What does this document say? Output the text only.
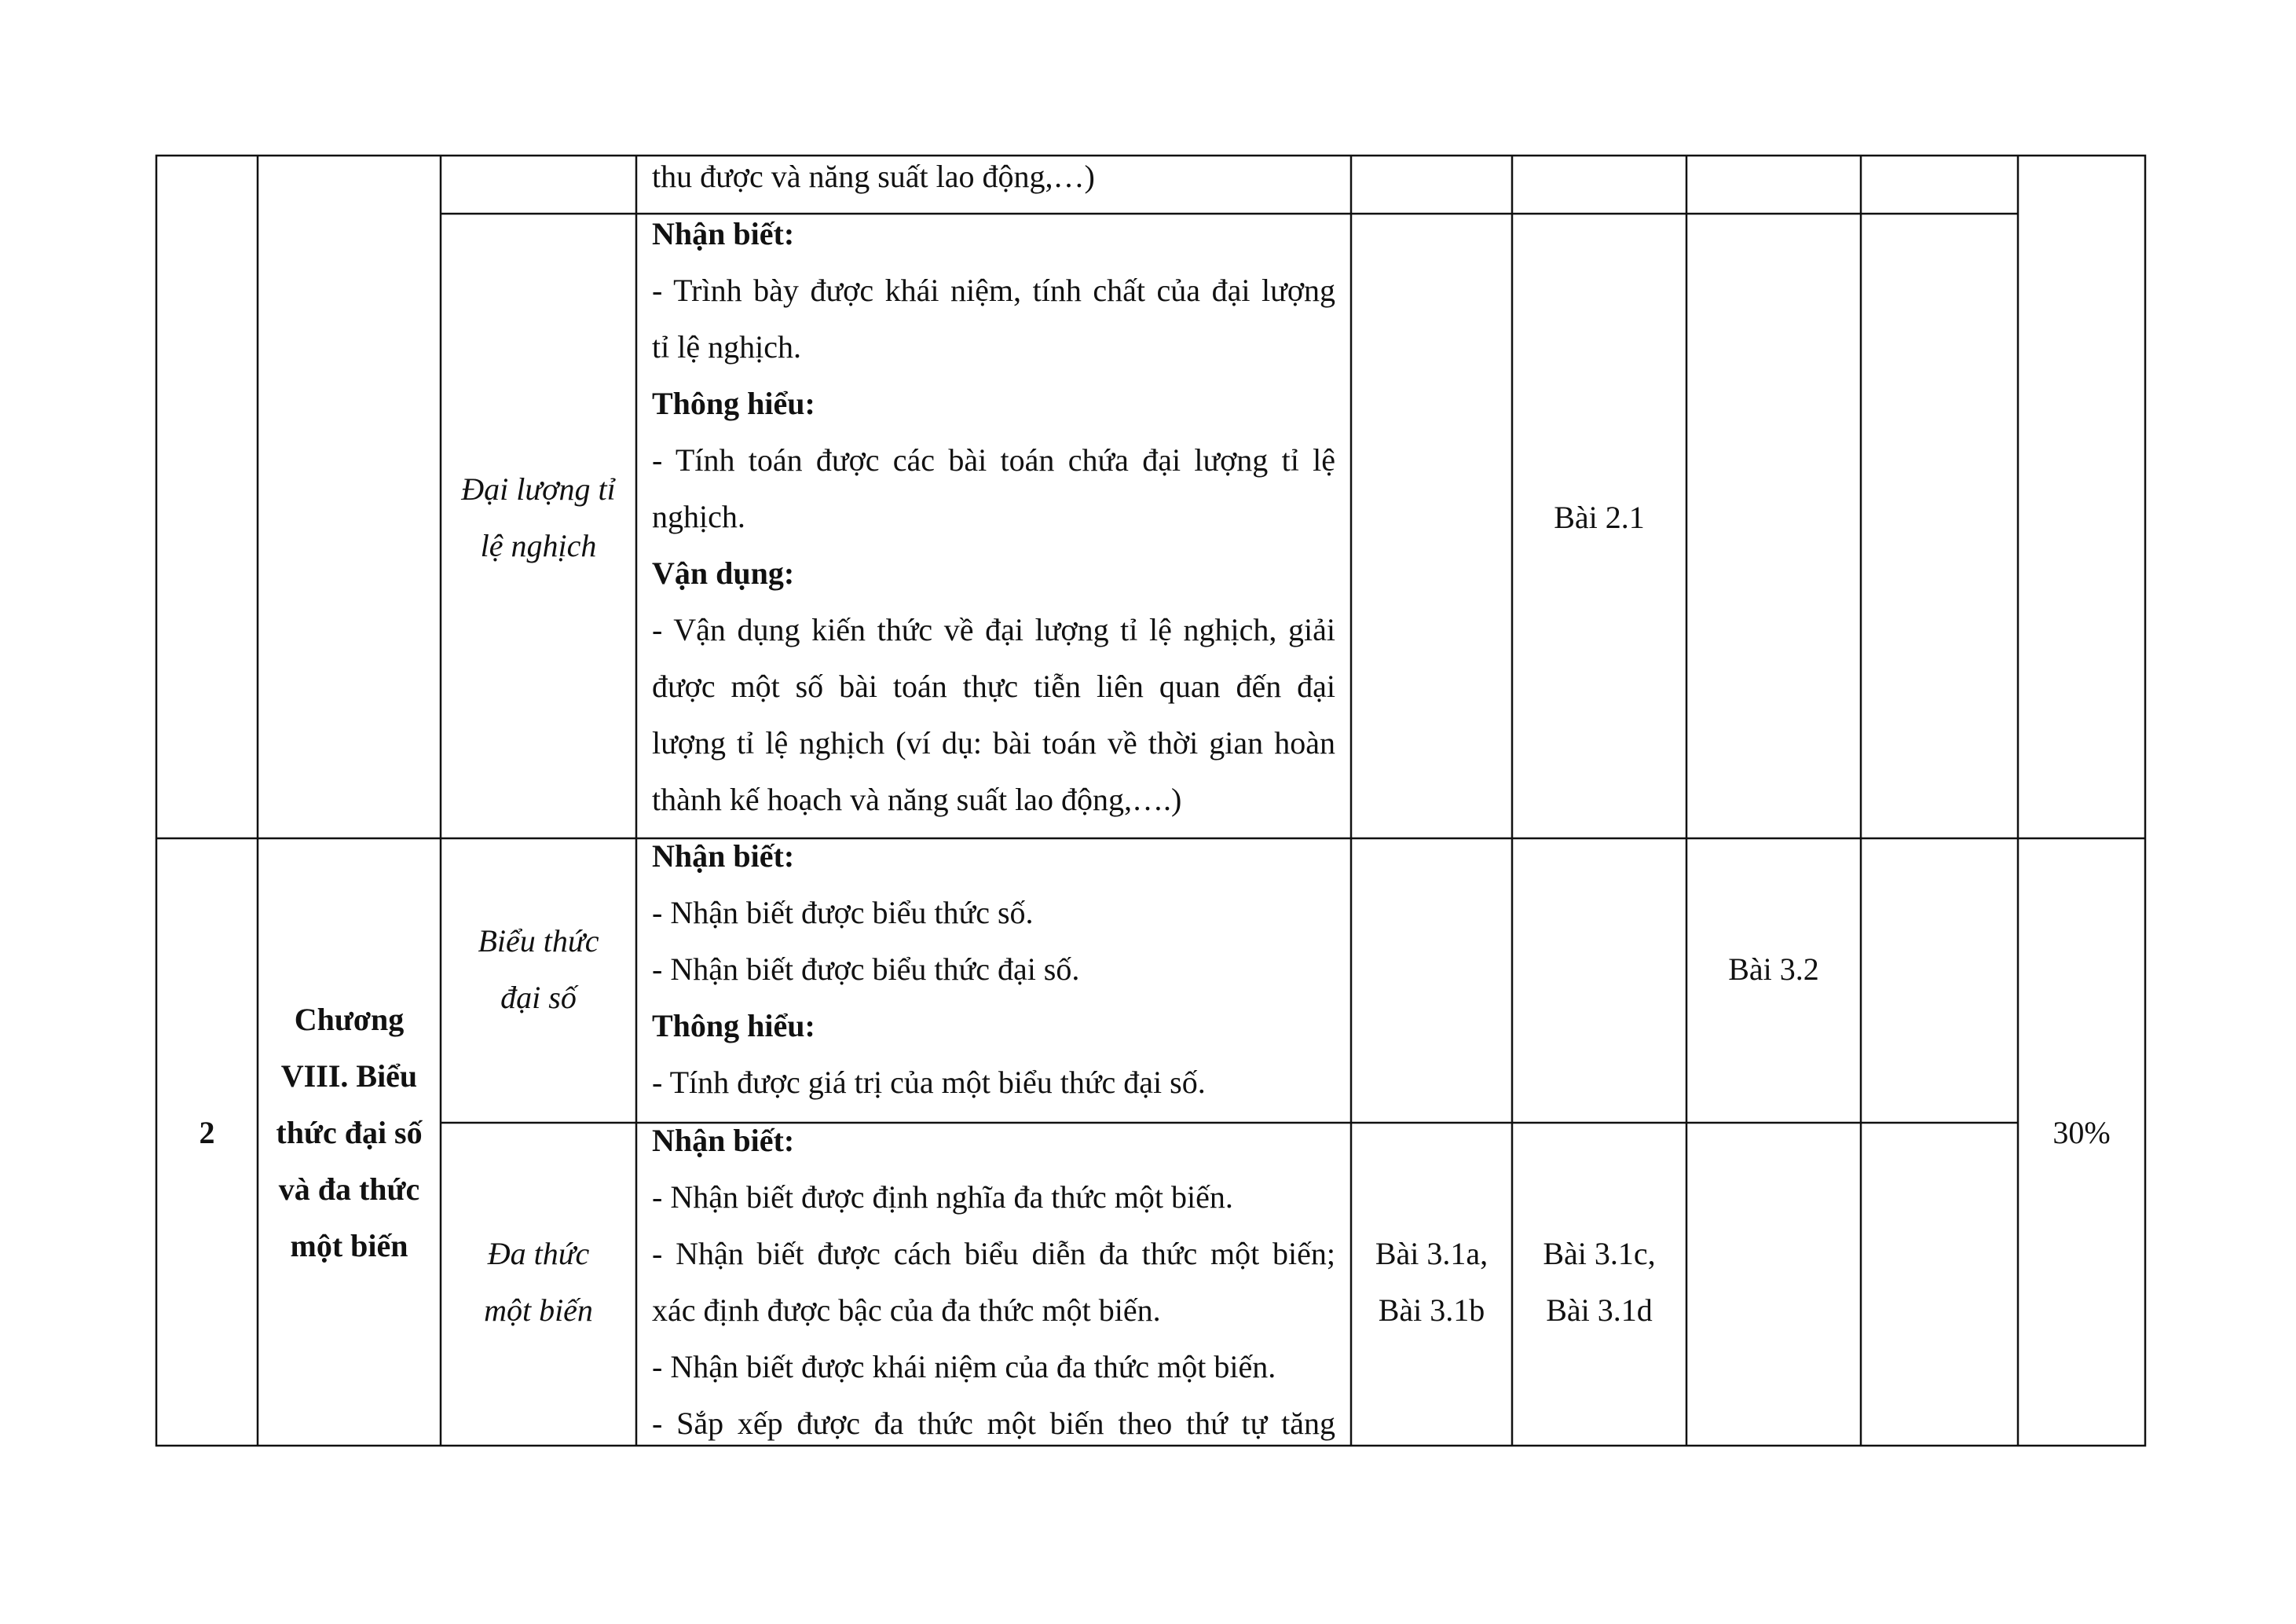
thu được và năng suất lao động,…)
Đại lượng tỉ
lệ nghịch
Nhận biết:
- Trình bày được khái niệm, tính chất của đại lượng
tỉ lệ nghịch.
Thông hiểu:
- Tính toán được các bài toán chứa đại lượng tỉ lệ
nghịch.
Vận dụng:
- Vận dụng kiến thức về đại lượng tỉ lệ nghịch, giải
được một số bài toán thực tiễn liên quan đến đại
lượng tỉ lệ nghịch (ví dụ: bài toán về thời gian hoàn
thành kế hoạch và năng suất lao động,….)
Bài 2.1
2
Chương
VIII. Biểu
thức đại số
và đa thức
một biến
30%
Biểu thức
đại số
Nhận biết:
- Nhận biết được biểu thức số.
- Nhận biết được biểu thức đại số.
Thông hiểu:
- Tính được giá trị của một biểu thức đại số.
Bài 3.2
Đa thức
một biến
Nhận biết:
- Nhận biết được định nghĩa đa thức một biến.
- Nhận biết được cách biểu diễn đa thức một biến;
xác định được bậc của đa thức một biến.
- Nhận biết được khái niệm của đa thức một biến.
- Sắp xếp được đa thức một biến theo thứ tự tăng
Bài 3.1a,
Bài 3.1b
Bài 3.1c,
Bài 3.1d
